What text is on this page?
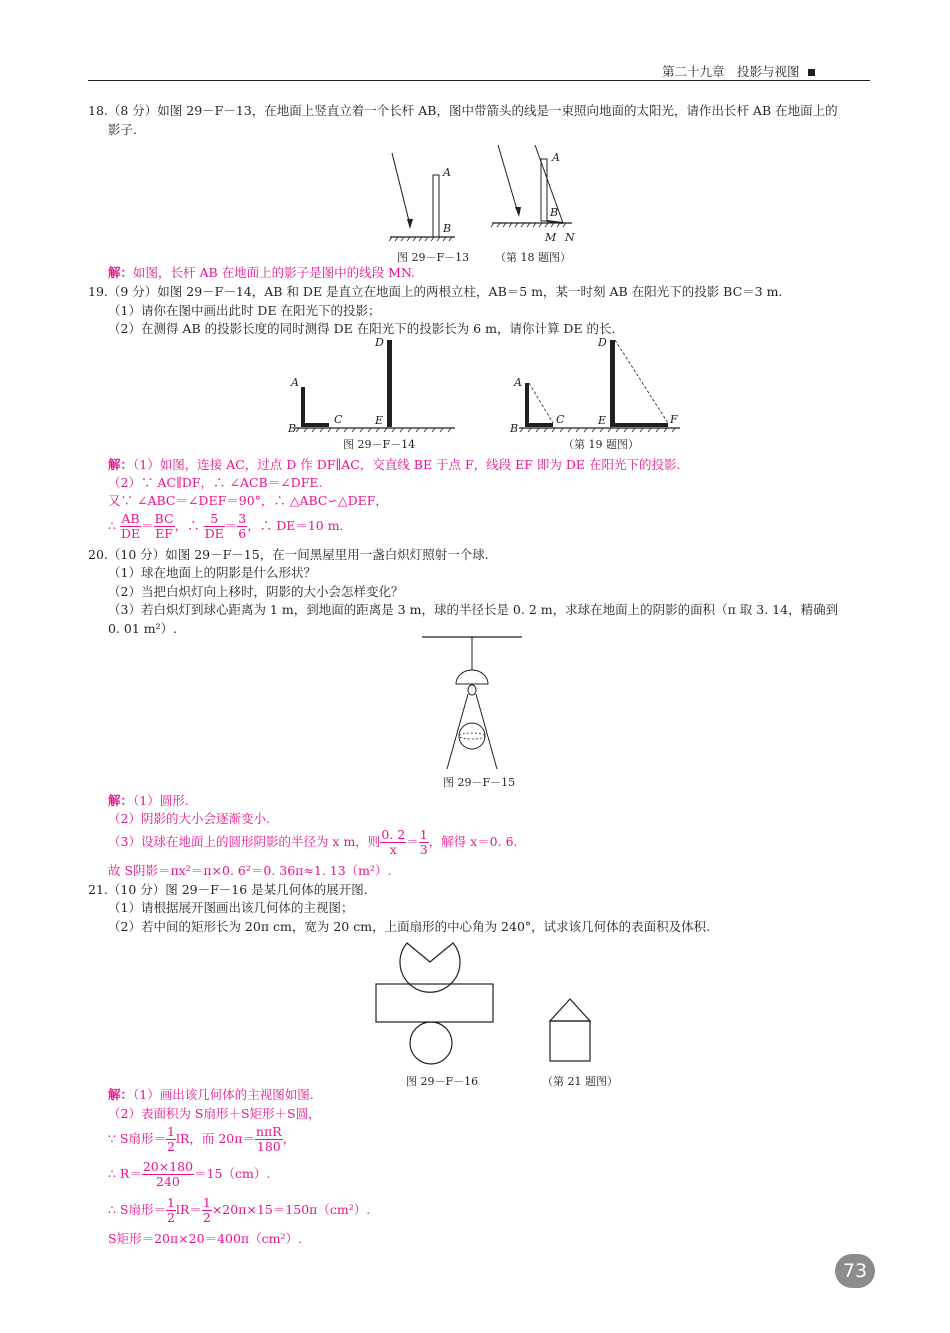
第二十九章　投影与视图
18.（8 分）如图 29－F－13，在地面上竖直立着一个长杆 AB，图中带箭头的线是一束照向地面的太阳光，请作出长杆 AB 在地面上的
影子.
A
B
A
B
M N
图 29－F－13 （第 18 题图）
解：如图，长杆 AB 在地面上的影子是图中的线段 MN.
19.（9 分）如图 29－F－14，AB 和 DE 是直立在地面上的两根立柱，AB＝5 m，某一时刻 AB 在阳光下的投影 BC＝3 m.
（1）请你在图中画出此时 DE 在阳光下的投影；
（2）在测得 AB 的投影长度的同时测得 DE 在阳光下的投影长为 6 m，请你计算 DE 的长.
A
B
C
D
E
A
B
C
D
E	F
图 29－F－14	（第 19 题图）
解：（1）如图，连接 AC，过点 D 作 DF∥AC，交直线 BE 于点 F，线段 EF 即为 DE 在阳光下的投影.
（2）∵ AC∥DF，∴ ∠ACB＝∠DFE.
又∵ ∠ABC＝∠DEF＝90°，∴ △ABC∽△DEF，
∴ $\frac{AB}{DE} = \frac{BC}{EF}$ ，∴ $\frac{5}{DE} = \frac{3}{6}$ ，∴ DE＝10 m.
20.（10 分）如图 29－F－15，在一间黑屋里用一盏白炽灯照射一个球.
（1）球在地面上的阴影是什么形状？
（2）当把白炽灯向上移时，阴影的大小会怎样变化？
（3）若白炽灯到球心距离为 1 m，到地面的距离是 3 m，球的半径长是 0. 2 m，求球在地面上的阴影的面积（π 取 3. 14，精确到
0. 01 m²）.
图 29－F－15
解：（1）圆形.
（2）阴影的大小会逐渐变小.
（3）设球在地面上的圆形阴影的半径为 x m，则 $\frac{0. 2}{x} = \frac{1}{3}$ ，解得 x＝0. 6.
故 S阴影＝πx²＝π×0. 6²＝0. 36π≈1. 13（m²）.
21.（10 分）图 29－F－16 是某几何体的展开图.
（1）请根据展开图画出该几何体的主视图；
（2）若中间的矩形长为 20π cm，宽为 20 cm，上面扇形的中心角为 240°，试求该几何体的表面积及体积.
图 29－F－16	（第 21 题图）
解：（1）画出该几何体的主视图如图.
（2）表面积为 S扇形＋S矩形＋S圆，
∵ S扇形＝ $\frac{1}{2}$ lR，而 $20\pi= \frac{\text{nπR}}{180}$ ，
∴ $R= \frac{20\times 180}{240} =15(cm)$.
∴ S扇形＝ $\frac{1}{2} lR= \frac{1}{2} \times 20\pi\times 15=150\pi(cm^2)$.
S矩形＝20π×20＝400π（cm²）.
73
